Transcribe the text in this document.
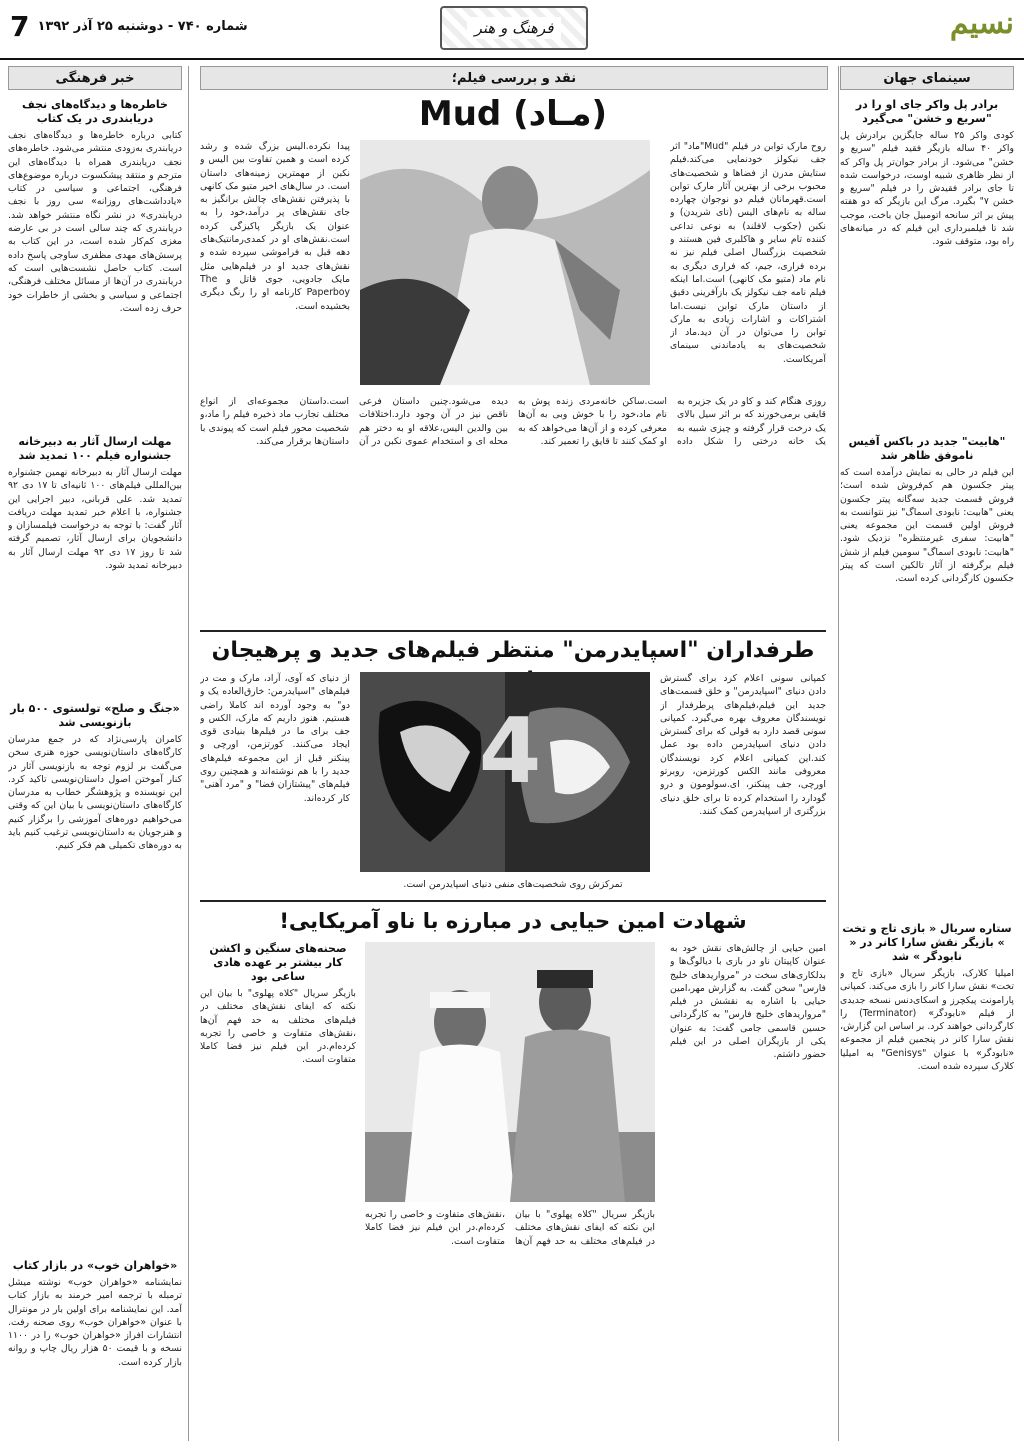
نسیم
فرهنگ و هنر
شماره ۷۴۰ - دوشنبه ۲۵ آذر ۱۳۹۲
7
سینمای جهان
برادر پل واکر جای او را در "سریع و خشن" می‌گیرد
کودی واکر ۲۵ ساله جایگزین برادرش پل واکر ۴۰ ساله بازیگر فقید فیلم "سریع و خشن" می‌شود. از برادر جوان‌تر پل واکر که از نظر ظاهری شبیه اوست، درخواست شده تا جای برادر فقیدش را در فیلم "سریع و خشن ۷" بگیرد. مرگ این بازیگر که دو هفته پیش بر اثر سانحه اتومبیل جان باخت، موجب شد تا فیلمبرداری این فیلم که در میانه‌های راه بود، متوقف شود.
"هابیت" جدید در باکس آفیس ناموفق ظاهر شد
این فیلم در حالی به نمایش درآمده است که پیتر جکسون هم کم‌فروش شده است؛ فروش قسمت جدید سه‌گانه پیتر جکسون یعنی "هابیت: نابودی اسماگ" نیز نتوانست به فروش اولین قسمت این مجموعه یعنی "هابیت: سفری غیرمنتظره" نزدیک شود. "هابیت: نابودی اسماگ" سومین فیلم از شش فیلم برگرفته از آثار تالکین است که پیتر جکسون کارگردانی کرده است.
ستاره سریال « بازی تاج و تخت » بازیگر نقش سارا کانر در « نابودگر » شد
امیلیا کلارک، بازیگر سریال «بازی تاج و تخت» نقش سارا کانر را بازی می‌کند. کمپانی پارامونت پیکچرز و اسکای‌دنس نسخه جدیدی از فیلم «نابودگر» (Terminator) را کارگردانی خواهند کرد. بر اساس این گزارش، نقش سارا کانر در پنجمین فیلم از مجموعه «نابودگر» با عنوان "Genisys" به امیلیا کلارک سپرده شده است.
خبر فرهنگی
خاطره‌ها و دیدگاه‌های نجف دریابندری در یک کتاب
کتابی درباره خاطره‌ها و دیدگاه‌های نجف دریابندری به‌زودی منتشر می‌شود. خاطره‌های نجف دریابندری همراه با دیدگاه‌های این مترجم و منتقد پیشکسوت درباره موضوع‌های فرهنگی، اجتماعی و سیاسی در کتاب «یادداشت‌های روزانه» سی روز با نجف دریابندری» در نشر نگاه منتشر خواهد شد. دریابندری که چند سالی است در بی عارضه مغزی کم‌کار شده است، در این کتاب به پرسش‌های مهدی مظفری ساوجی پاسخ داده است. کتاب حاصل نشست‌هایی است که دریابندری در آن‌ها از مسائل مختلف فرهنگی، اجتماعی و سیاسی و بخشی از خاطرات خود حرف زده است.
مهلت ارسال آثار به دبیرخانه جشنواره فیلم ۱۰۰ تمدید شد
مهلت ارسال آثار به دبیرخانه نهمین جشنواره بین‌المللی فیلم‌های ۱۰۰ ثانیه‌ای تا ۱۷ دی ۹۲ تمدید شد. علی قربانی، دبیر اجرایی این جشنواره، با اعلام خبر تمدید مهلت دریافت آثار گفت: با توجه به درخواست فیلمسازان و دانشجویان برای ارسال آثار، تصمیم گرفته شد تا روز ۱۷ دی ۹۲ مهلت ارسال آثار به دبیرخانه تمدید شود.
«جنگ و صلح» تولستوی ۵۰۰ بار بازنویسی شد
کامران پارسی‌نژاد که در جمع مدرسان کارگاه‌های داستان‌نویسی حوزه هنری سخن می‌گفت بر لزوم توجه به بازنویسی آثار در کنار آموختن اصول داستان‌نویسی تاکید کرد. این نویسنده و پژوهشگر خطاب به مدرسان کارگاه‌های داستان‌نویسی با بیان این که وقتی می‌خواهیم دوره‌های آموزشی را برگزار کنیم و هنرجویان به داستان‌نویسی ترغیب کنیم باید به دوره‌های تکمیلی هم فکر کنیم.
«خواهران خوب» در بازار کتاب
نمایشنامه «خواهران خوب» نوشته میشل ترمبله با ترجمه امیر خرمند به بازار کتاب آمد. این نمایشنامه برای اولین بار در مونترال با عنوان «خواهران خوب» روی صحنه رفت. انتشارات افراز «خواهران خوب» را در ۱۱۰۰ نسخه و با قیمت ۵۰ هزار ریال چاپ و روانه بازار کرده است.
نقد و بررسی فیلم؛
Mud (مـاد)
روح مارک توابن در فیلم "Mud"ماد" اثر جف نیکولز خودنمایی می‌کند.فیلم ستایش مدرن از فضاها و شخصیت‌های محبوب برخی از بهترین آثار مارک توابن است.قهرمانان فیلم دو نوجوان چهارده ساله به نام‌های الیس (تای شریدن) و نکبن (جکوب لافلند) به نوعی تداعی کننده تام سایر و هاکلبری فین هستند و شخصیت بزرگسال اصلی فیلم نیز نه برده فراری، جیم، که فراری دیگری به نام ماد (متیو مک کانهی) است.اما اینکه فیلم نامه جف نیکولز یک بازآفرینی دقیق از داستان مارک توابن نیست.اما اشتراکات و اشارات زیادی به مارک توابن را می‌توان در آن دید.ماد از شخصیت‌های به یادماندنی سینمای آمریکاست.
پیدا نکرده.الیس بزرگ شده و رشد کرده است و همین تفاوت بین الیس و نکبن از مهمترین زمینه‌های داستان است. در سال‌های اخیر متیو مک کانهی با پذیرفتن نقش‌های چالش برانگیز به جای نقش‌های پر درآمد،خود را به عنوان یک بازیگر پاکیزگی کرده است.نقش‌های او در کمدی‌رمانتیک‌های دهه قبل به فراموشی سپرده شده و نقش‌های جدید او در فیلم‌هایی مثل مایک جادویی، جوی قاتل و The Paperboy کارنامه او را رنگ دیگری بخشیده است.
روزی هنگام کند و کاو در یک جزیره به قایقی برمی‌خورند که بر اثر سیل بالای یک درخت قرار گرفته و چیزی شبیه به یک خانه درختی را شکل داده است.ساکن خانه‌مردی زنده پوش به نام ماد،خود را با خوش وبی به آن‌ها معرفی کرده و از آن‌ها می‌خواهد که به او کمک کنند تا قایق را تعمیر کند.
دیده می‌شود.چنین داستان فرعی ناقص نیز در آن وجود دارد.اختلافات بین والدین الیس،علاقه او به دختر هم محله ای و استخدام عموی نکبن در آن است.داستان مجموعه‌ای از انواع مختلف تجارب ماد ذخیره فیلم را ماد،و شخصیت محور فیلم است که پیوندی با داستان‌ها برقرار می‌کند.
طرفداران "اسپایدرمن" منتظر فیلم‌های جدید و پرهیجان
کمپانی سونی اعلام کرد برای گسترش دادن دنیای "اسپایدرمن" و خلق قسمت‌های جدید این فیلم،فیلم‌های پرطرفدار از نویسندگان معروف بهره می‌گیرد. کمپانی سونی قصد دارد به قولی که برای گسترش دادن دنیای اسپایدرمن داده بود عمل کند.این کمپانی اعلام کرد نویسندگان معروفی مانند الکس کورتزمن، روبرتو اورچی، جف پینکنر، ای.سولومون و درو گودارد را استخدام کرده تا برای خلق دنیای بزرگتری از اسپایدرمن کمک کنند.
4
از دنیای که آوی، آراد، مارک و مت در فیلم‌های "اسپایدرمن: خارق‌العاده یک و دو" به وجود آورده اند کاملا راضی هستیم. هنوز داریم که مارک، الکس و جف برای ما در فیلم‌ها بنیادی قوی ایجاد می‌کنند. کورتزمن، اورچی و پینکنر قبل از این مجموعه فیلم‌های جدید را با هم نوشته‌اند و همچنین روی فیلم‌های "پیشتازان فضا" و "مرد آهنی" کار کرده‌اند.
تمرکزش روی شخصیت‌های منفی دنیای اسپایدرمن است.
شهادت امین حیایی در مبارزه با ناو آمریکایی!
امین حیایی از چالش‌های نقش خود به عنوان کاپیتان ناو در بازی با دیالوگ‌ها و بدلکاری‌های سخت در "مروارید‌های خلیج فارس" سخن گفت. به گزارش مهر،امین حیایی با اشاره به نقشش در فیلم "مرواریدهای خلیج فارس" به کارگردانی حسین قاسمی جامی گفت: به عنوان یکی از بازیگران اصلی در این فیلم حضور داشتم.
بازیگر سریال "کلاه پهلوی" با بیان این نکته که ایفای نقش‌های مختلف در فیلم‌های مختلف به حد فهم آن‌ها ،نقش‌های متفاوت و خاصی را تجربه کرده‌ام.در این فیلم نیز فضا کاملا متفاوت است.
صحنه‌های سنگین و اکشن کار بیشتر بر عهده هادی ساعی بود
بازیگر سریال "کلاه پهلوی" با بیان این نکته که ایفای نقش‌های مختلف در فیلم‌های مختلف به حد فهم آن‌ها ،نقش‌های متفاوت و خاصی را تجربه کرده‌ام.در این فیلم نیز فضا کاملا متفاوت است.
